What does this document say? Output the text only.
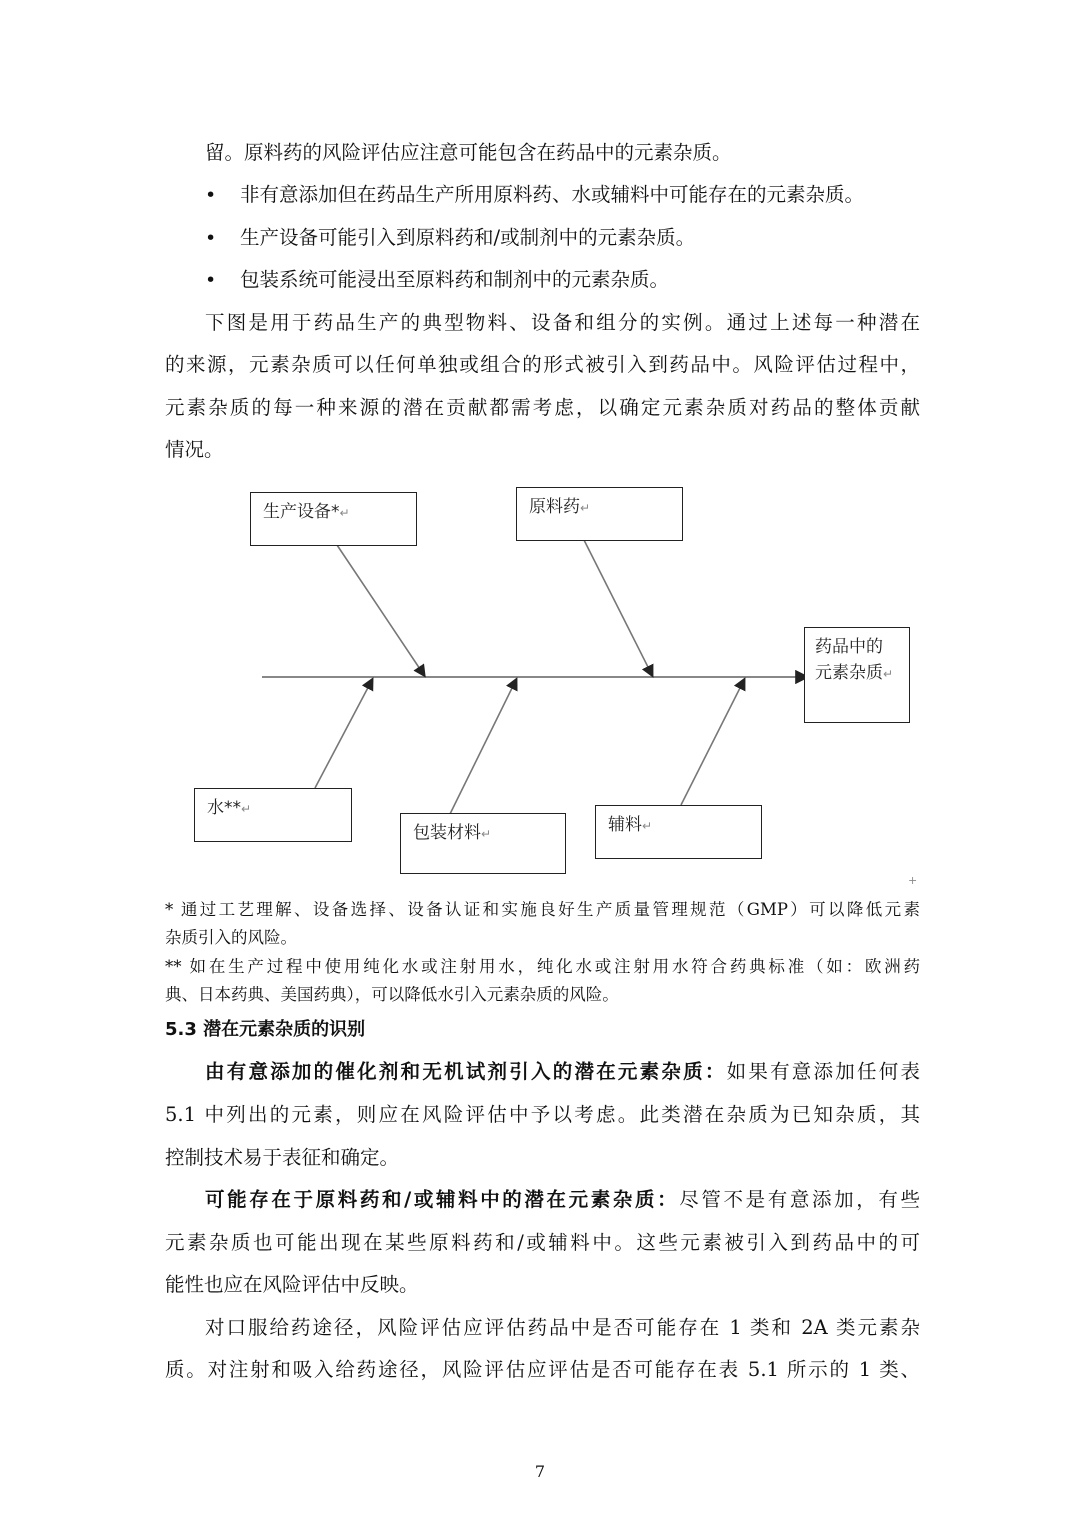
留。原料药的风险评估应注意可能包含在药品中的元素杂质。
• 非有意添加但在药品生产所用原料药、水或辅料中可能存在的元素杂质。
• 生产设备可能引入到原料药和/或制剂中的元素杂质。
• 包装系统可能浸出至原料药和制剂中的元素杂质。
下图是用于药品生产的典型物料、设备和组分的实例。通过上述每一种潜在
的来源，元素杂质可以任何单独或组合的形式被引入到药品中。风险评估过程中，
元素杂质的每一种来源的潜在贡献都需考虑，以确定元素杂质对药品的整体贡献
情况。
生产设备*↵	原料药↵
药品中的
元素杂质↵
水**↵
包装材料↵	辅料↵
+
* 通过工艺理解、设备选择、设备认证和实施良好生产质量管理规范（GMP）可以降低元素
杂质引入的风险。
** 如在生产过程中使用纯化水或注射用水，纯化水或注射用水符合药典标准（如：欧洲药
典、日本药典、美国药典），可以降低水引入元素杂质的风险。
5.3 潜在元素杂质的识别
由有意添加的催化剂和无机试剂引入的潜在元素杂质：如果有意添加任何表
5.1 中列出的元素，则应在风险评估中予以考虑。此类潜在杂质为已知杂质，其
控制技术易于表征和确定。
可能存在于原料药和/或辅料中的潜在元素杂质：尽管不是有意添加，有些
元素杂质也可能出现在某些原料药和/或辅料中。这些元素被引入到药品中的可
能性也应在风险评估中反映。
对口服给药途径，风险评估应评估药品中是否可能存在 1 类和 2A 类元素杂
质。对注射和吸入给药途径，风险评估应评估是否可能存在表 5.1 所示的 1 类、
7
